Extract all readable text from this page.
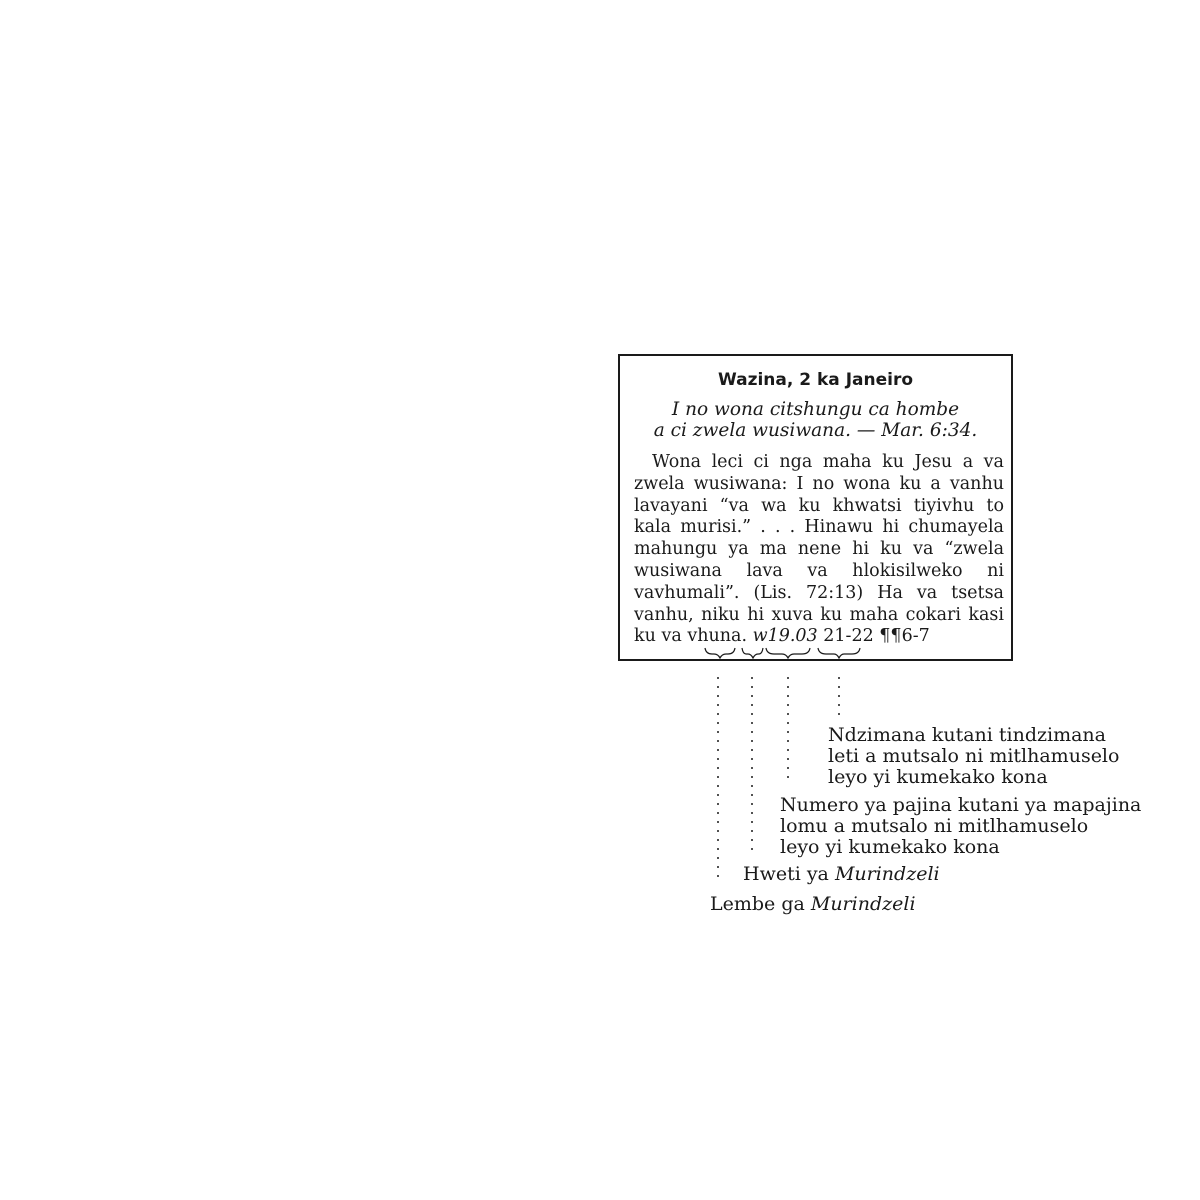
Wazina, 2 ka Janeiro
I no wona citshungu ca hombe
a ci zwela wusiwana. — Mar. 6:34.

Wona leci ci nga maha ku Jesu a va zwela wusiwana: I no wona ku a vanhu lavayani “va wa ku khwatsi tiyivhu to kala murisi.” . . . Hinawu hi chumayela mahungu ya ma nene hi ku va “zwela wusiwana lava va hlokisilweko ni vavhumali”. (Lis. 72:13) Ha va tsetsa vanhu, niku hi xuva ku maha cokari kasi ku va vhuna. w19.03 21-22 ¶¶6-7

Ndzimana kutani tindzimana
leti a mutsalo ni mitlhamuselo
leyo yi kumekako kona

Numero ya pajina kutani ya mapajina
lomu a mutsalo ni mitlhamuselo
leyo yi kumekako kona

Hweti ya Murindzeli

Lembe ga Murindzeli
